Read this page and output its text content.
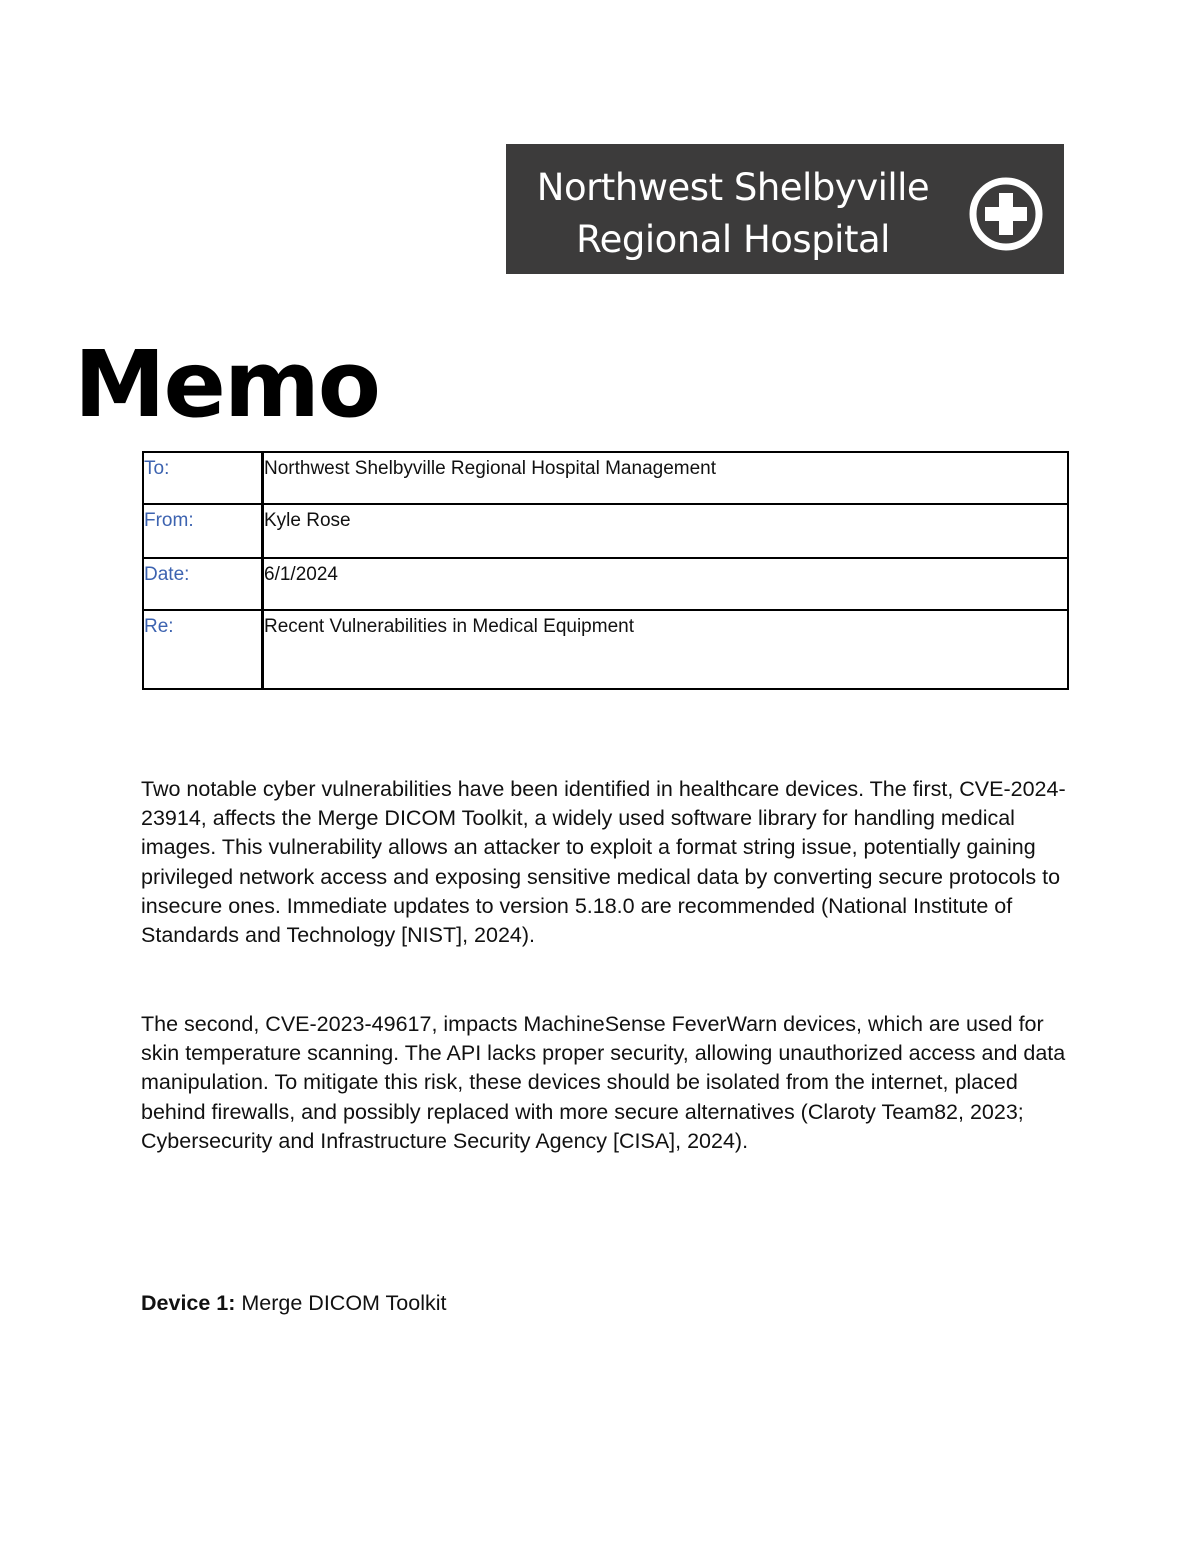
Northwest Shelbyville
Regional Hospital
Memo
To:	Northwest Shelbyville Regional Hospital Management
From:	Kyle Rose
Date:	6/1/2024
Re:	Recent Vulnerabilities in Medical Equipment

Two notable cyber vulnerabilities have been identified in healthcare devices. The first, CVE-2024-23914, affects the Merge DICOM Toolkit, a widely used software library for handling medical images. This vulnerability allows an attacker to exploit a format string issue, potentially gaining privileged network access and exposing sensitive medical data by converting secure protocols to insecure ones. Immediate updates to version 5.18.0 are recommended (National Institute of Standards and Technology [NIST], 2024).

The second, CVE-2023-49617, impacts MachineSense FeverWarn devices, which are used for skin temperature scanning. The API lacks proper security, allowing unauthorized access and data manipulation. To mitigate this risk, these devices should be isolated from the internet, placed behind firewalls, and possibly replaced with more secure alternatives (Claroty Team82, 2023; Cybersecurity and Infrastructure Security Agency [CISA], 2024).

Device 1: Merge DICOM Toolkit
